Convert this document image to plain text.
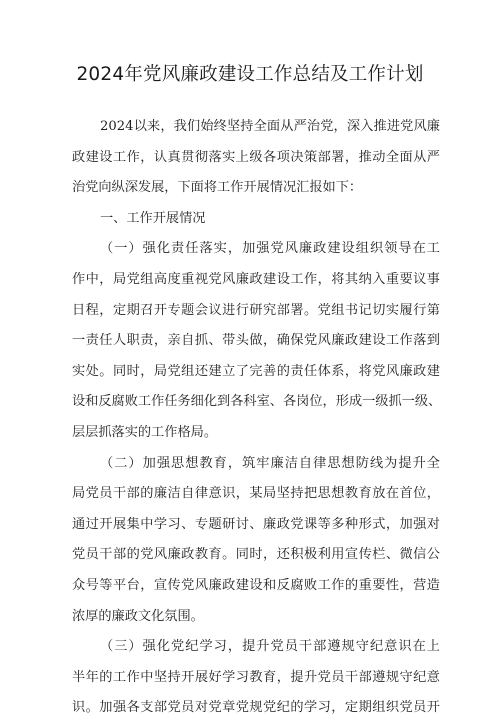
2024年党风廉政建设工作总结及工作计划
2024以来，我们始终坚持全面从严治党，深入推进党风廉
政建设工作，认真贯彻落实上级各项决策部署，推动全面从严
治党向纵深发展，下面将工作开展情况汇报如下：
一、工作开展情况
（一）强化责任落实，加强党风廉政建设组织领导在工
作中，局党组高度重视党风廉政建设工作，将其纳入重要议事
日程，定期召开专题会议进行研究部署。党组书记切实履行第
一责任人职责，亲自抓、带头做，确保党风廉政建设工作落到
实处。同时，局党组还建立了完善的责任体系，将党风廉政建
设和反腐败工作任务细化到各科室、各岗位，形成一级抓一级、
层层抓落实的工作格局。
（二）加强思想教育，筑牢廉洁自律思想防线为提升全
局党员干部的廉洁自律意识，某局坚持把思想教育放在首位，
通过开展集中学习、专题研讨、廉政党课等多种形式，加强对
党员干部的党风廉政教育。同时，还积极利用宣传栏、微信公
众号等平台，宣传党风廉政建设和反腐败工作的重要性，营造
浓厚的廉政文化氛围。
（三）强化党纪学习，提升党员干部遵规守纪意识在上
半年的工作中坚持开展好学习教育，提升党员干部遵规守纪意
识。加强各支部党员对党章党规党纪的学习，定期组织党员开
